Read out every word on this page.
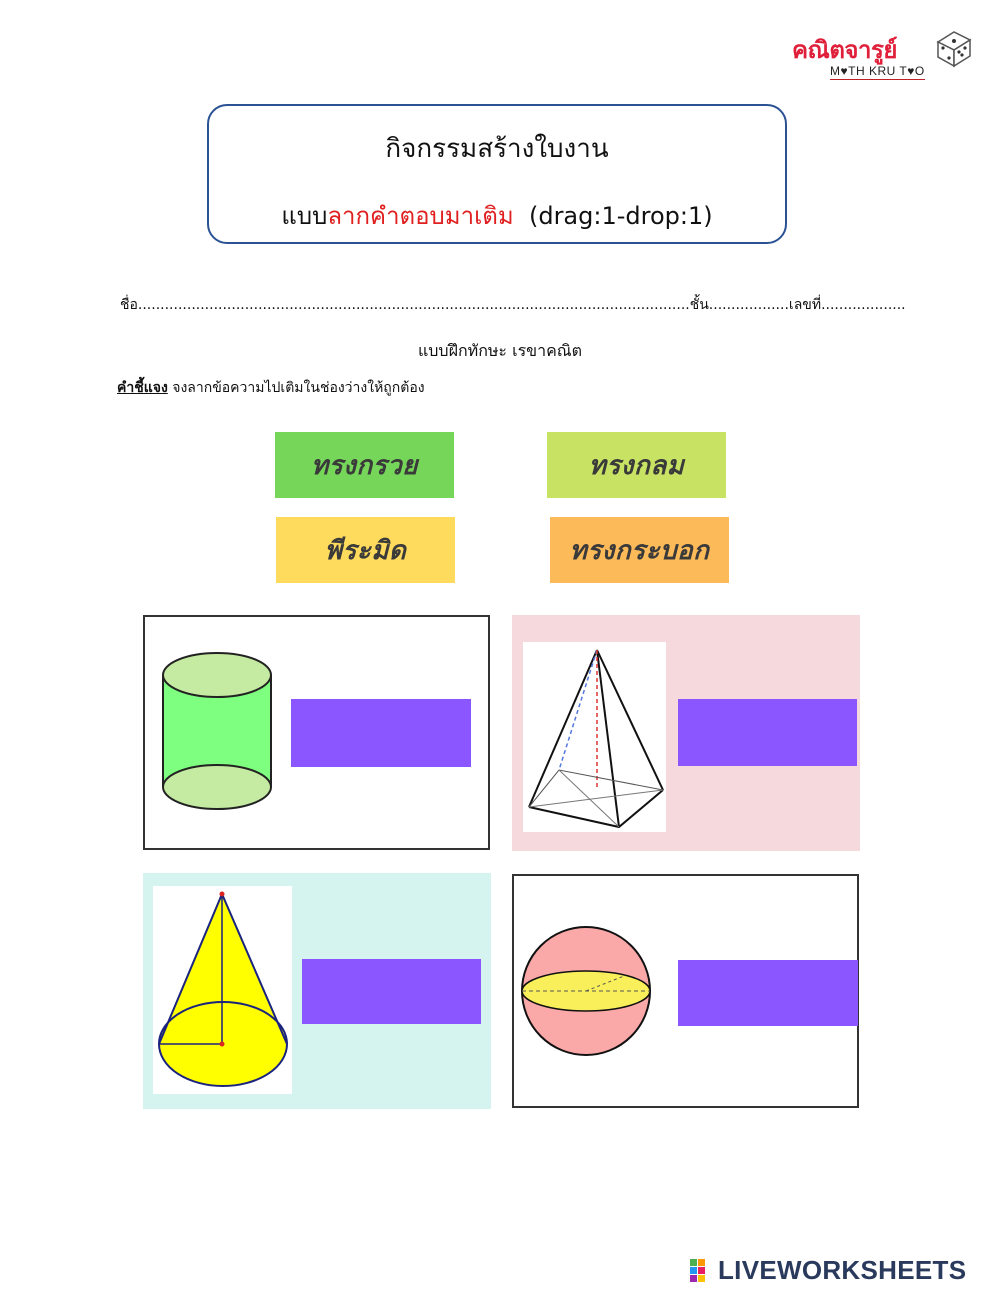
คณิตจารูย์
M♥TH KRU T♥O
กิจกรรมสร้างใบงาน
แบบลากคำตอบมาเติม (drag:1-drop:1)
ชื่อ............................................................................................................................ชั้น..................เลขที่...................
แบบฝึกทักษะ เรขาคณิต
คำชี้แจง จงลากข้อความไปเติมในช่องว่างให้ถูกต้อง
ทรงกรวย	ทรงกลม
พีระมิด	ทรงกระบอก
LIVEWORKSHEETS
